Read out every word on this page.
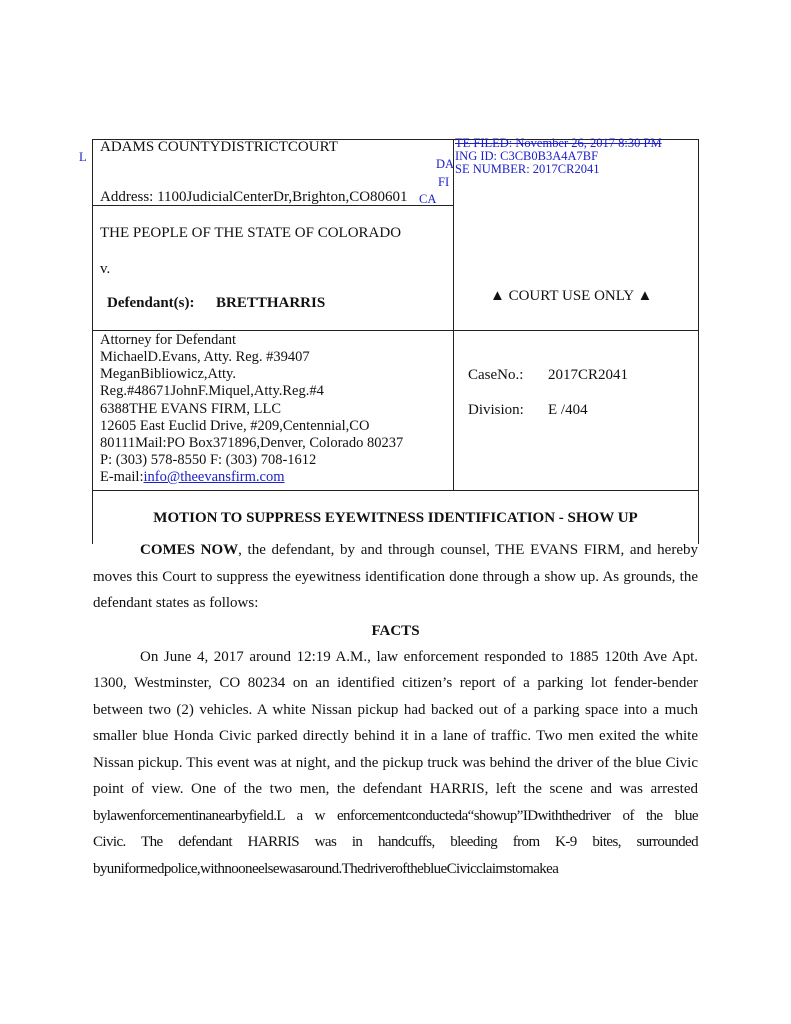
ADAMS COUNTYDISTRICTCOURT
Address: 1100JudicialCenterDr,Brighton,CO80601
L	DA
FI
CA
TE FILED: November 26, 2017 8:30 PM
ING ID: C3CB0B3A4A7BF
SE NUMBER: 2017CR2041
THE PEOPLE OF THE STATE OF COLORADO
v.
Defendant(s): BRETTHARRIS	▲ COURT USE ONLY ▲
Attorney for Defendant
MichaelD.Evans, Atty. Reg. #39407
MeganBibliowicz,Atty.
Reg.#48671JohnF.Miquel,Atty.Reg.#4
6388THE EVANS FIRM, LLC
12605 East Euclid Drive, #209,Centennial,CO
80111Mail:PO Box371896,Denver, Colorado 80237
P: (303) 578-8550 F: (303) 708-1612
E-mail:info@theevansfirm.com
CaseNo.: 2017CR2041
Division: E /404
MOTION TO SUPPRESS EYEWITNESS IDENTIFICATION - SHOW UP

COMES NOW, the defendant, by and through counsel, THE EVANS FIRM, and hereby moves this Court to suppress the eyewitness identification done through a show up. As grounds, the defendant states as follows:

FACTS

On June 4, 2017 around 12:19 A.M., law enforcement responded to 1885 120th Ave Apt. 1300, Westminster, CO 80234 on an identified citizen’s report of a parking lot fender-bender between two (2) vehicles. A white Nissan pickup had backed out of a parking space into a much smaller blue Honda Civic parked directly behind it in a lane of traffic. Two men exited the white Nissan pickup. This event was at night, and the pickup truck was behind the driver of the blue Civic point of view. One of the two men, the defendant HARRIS, left the scene and was arrested

bylawenforcementinanearbyfield.L a w enforcementconducteda“showup”IDwiththedriver of the blue

Civic. The defendant HARRIS was in handcuffs, bleeding from K-9 bites, surrounded

byuniformedpolice,withnooneelsewasaround.ThedriveroftheblueCivicclaimstomakea
